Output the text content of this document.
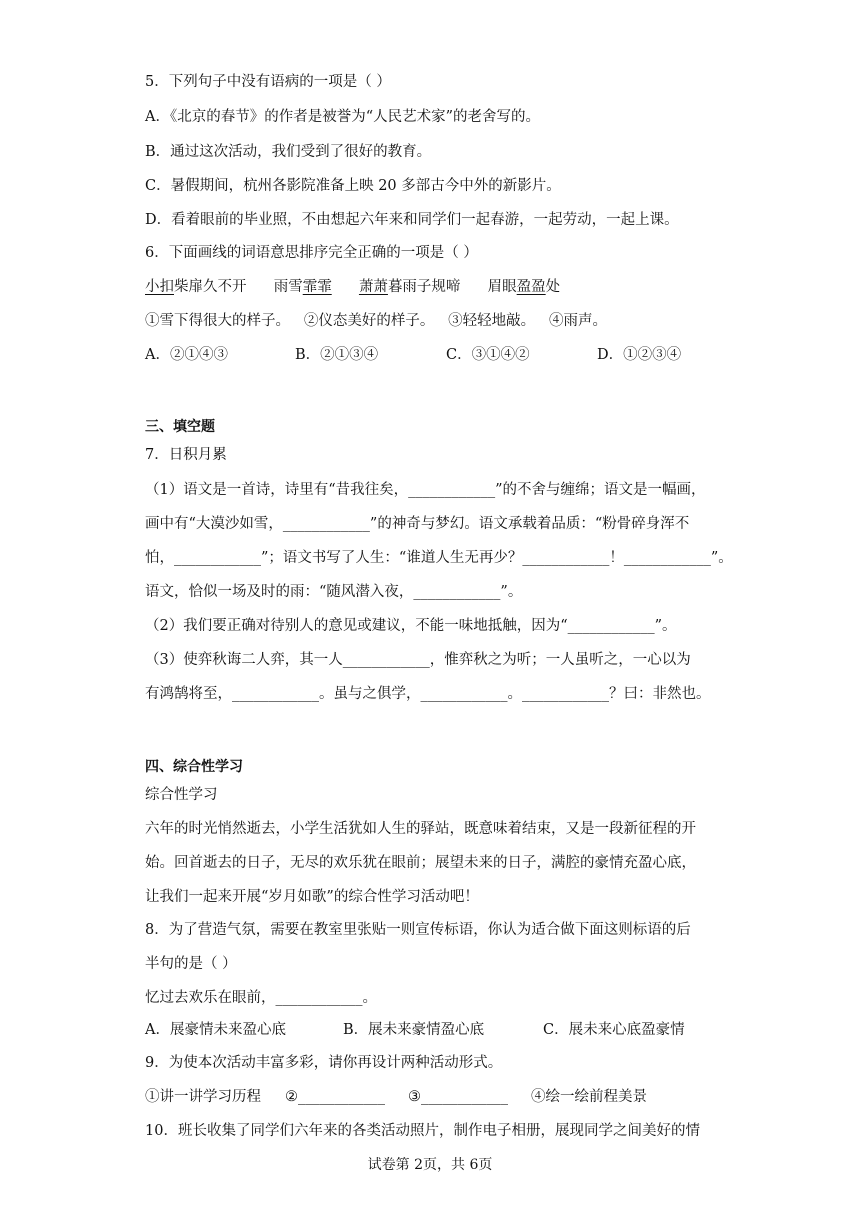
5．下列句子中没有语病的一项是（ ）
A．《北京的春节》的作者是被誉为“人民艺术家”的老舍写的。
B．通过这次活动，我们受到了很好的教育。
C．暑假期间，杭州各影院准备上映 20 多部古今中外的新影片。
D．看着眼前的毕业照，不由想起六年来和同学们一起春游，一起劳动，一起上课。
6．下面画线的词语意思排序完全正确的一项是（ ）
小扣柴扉久不开 雨雪霏霏 萧萧暮雨子规啼 眉眼盈盈处
①雪下得很大的样子。   ②仪态美好的样子。   ③轻轻地敲。   ④雨声。
A．②①④③	B．②①③④	C．③①④②	D．①②③④
三、填空题
7．日积月累
（1）语文是一首诗，诗里有“昔我往矣，____________”的不舍与缠绵；语文是一幅画，
画中有“大漠沙如雪，____________”的神奇与梦幻。语文承载着品质：“粉骨碎身浑不
怕，____________”；语文书写了人生：“谁道人生无再少？____________！____________”。
语文，恰似一场及时的雨：“随风潜入夜，____________”。
（2）我们要正确对待别人的意见或建议，不能一味地抵触，因为“____________”。
（3）使弈秋诲二人弈，其一人____________，惟弈秋之为听；一人虽听之，一心以为
有鸿鹄将至，____________。虽与之俱学，____________。____________？曰：非然也。
四、综合性学习
综合性学习
六年的时光悄然逝去，小学生活犹如人生的驿站，既意味着结束，又是一段新征程的开
始。回首逝去的日子，无尽的欢乐犹在眼前；展望未来的日子，满腔的豪情充盈心底，
让我们一起来开展“岁月如歌”的综合性学习活动吧！
8．为了营造气氛，需要在教室里张贴一则宣传标语，你认为适合做下面这则标语的后
半句的是（ ）
忆过去欢乐在眼前，____________。
A．展豪情未来盈心底	B．展未来豪情盈心底	C．展未来心底盈豪情
9．为使本次活动丰富多彩，请你再设计两种活动形式。
①讲一讲学习历程 ②____________ ③____________ ④绘一绘前程美景
10．班长收集了同学们六年来的各类活动照片，制作电子相册，展现同学之间美好的情
试卷第 2页，共 6页
